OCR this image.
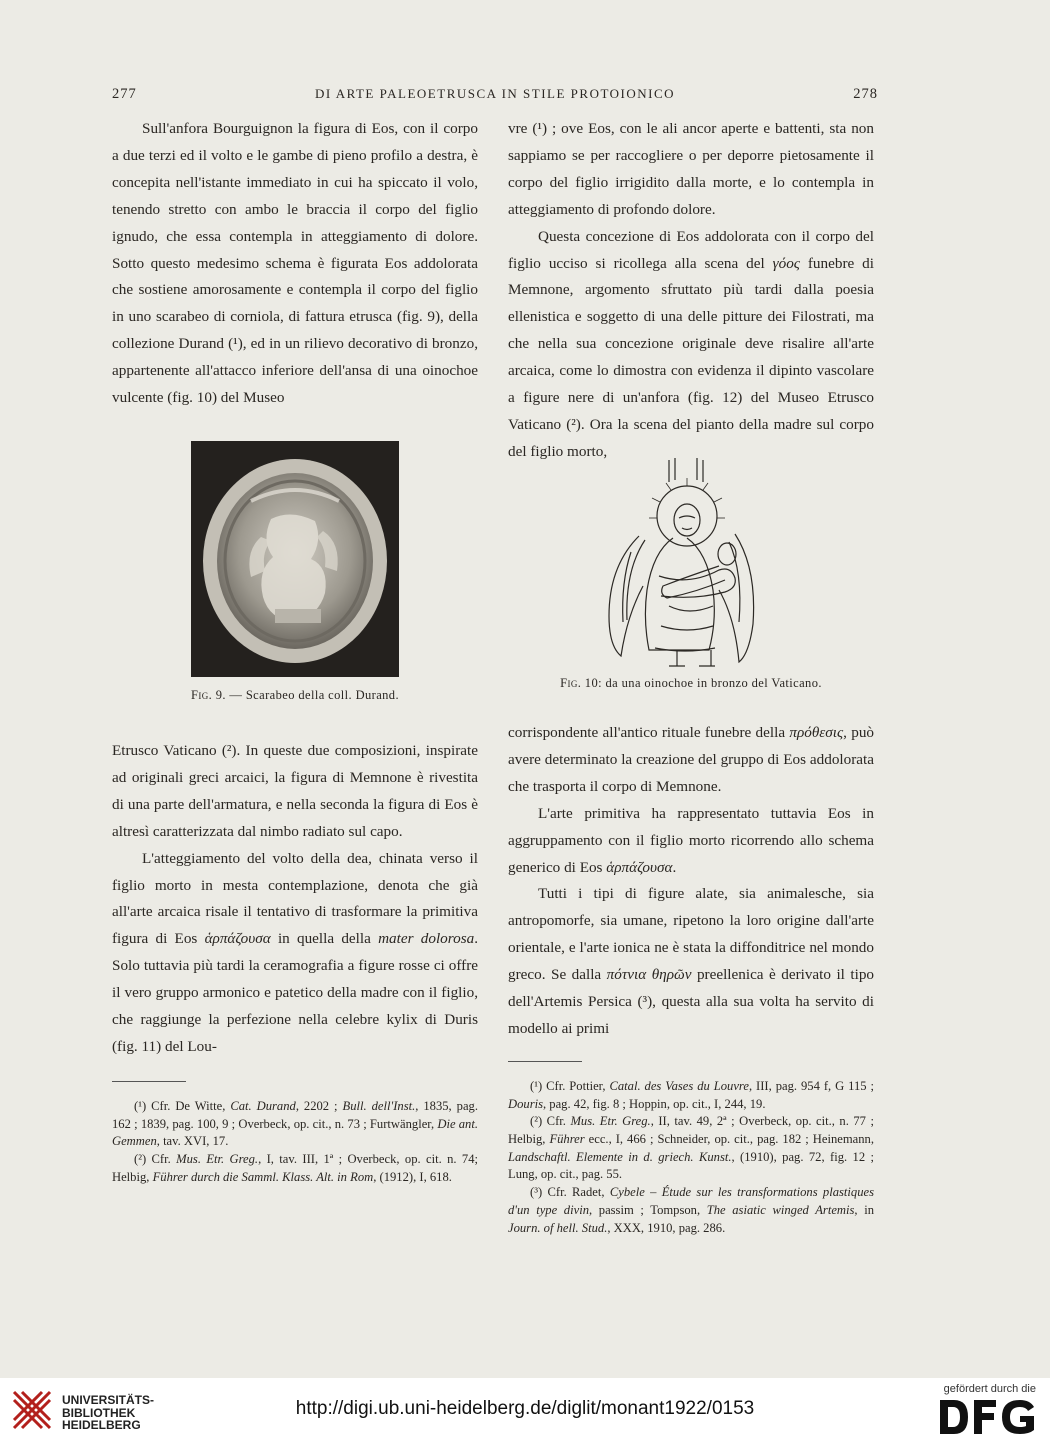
277	DI ARTE PALEOETRUSCA IN STILE PROTOIONICO	278

Sull'anfora Bourguignon la figura di Eos, con il corpo a due terzi ed il volto e le gambe di pieno profilo a destra, è concepita nell'istante immediato in cui ha spiccato il volo, tenendo stretto con ambo le braccia il corpo del figlio ignudo, che essa contempla in atteggiamento di dolore. Sotto questo medesimo schema è figurata Eos addolorata che sostiene amorosamente e contempla il corpo del figlio in uno scarabeo di corniola, di fattura etrusca (fig. 9), della collezione Durand (¹), ed in un rilievo decorativo di bronzo, appartenente all'attacco inferiore dell'ansa di una oinochoe vulcente (fig. 10) del Museo

Fig. 9. — Scarabeo della coll. Durand.

Etrusco Vaticano (²). In queste due composizioni, inspirate ad originali greci arcaici, la figura di Memnone è rivestita di una parte dell'armatura, e nella seconda la figura di Eos è altresì caratterizzata dal nimbo radiato sul capo.

L'atteggiamento del volto della dea, chinata verso il figlio morto in mesta contemplazione, denota che già all'arte arcaica risale il tentativo di trasformare la primitiva figura di Eos ἁρπάζουσα in quella della mater dolorosa. Solo tuttavia più tardi la ceramografia a figure rosse ci offre il vero gruppo armonico e patetico della madre con il figlio, che raggiunge la perfezione nella celebre kylix di Duris (fig. 11) del Lou-

(¹) Cfr. De Witte, Cat. Durand, 2202 ; Bull. dell'Inst., 1835, pag. 162 ; 1839, pag. 100, 9 ; Overbeck, op. cit., n. 73 ; Furtwängler, Die ant. Gemmen, tav. XVI, 17.

(²) Cfr. Mus. Etr. Greg., I, tav. III, 1ª ; Overbeck, op. cit. n. 74; Helbig, Führer durch die Samml. Klass. Alt. in Rom, (1912), I, 618.

vre (¹) ; ove Eos, con le ali ancor aperte e battenti, sta non sappiamo se per raccogliere o per deporre pietosamente il corpo del figlio irrigidito dalla morte, e lo contempla in atteggiamento di profondo dolore.

Questa concezione di Eos addolorata con il corpo del figlio ucciso si ricollega alla scena del γόος funebre di Memnone, argomento sfruttato più tardi dalla poesia ellenistica e soggetto di una delle pitture dei Filostrati, ma che nella sua concezione originale deve risalire all'arte arcaica, come lo dimostra con evidenza il dipinto vascolare a figure nere di un'anfora (fig. 12) del Museo Etrusco Vaticano (²). Ora la scena del pianto della madre sul corpo del figlio morto,

Fig. 10: da una oinochoe in bronzo del Vaticano.

corrispondente all'antico rituale funebre della πρόθεσις, può avere determinato la creazione del gruppo di Eos addolorata che trasporta il corpo di Memnone.

L'arte primitiva ha rappresentato tuttavia Eos in aggruppamento con il figlio morto ricorrendo allo schema generico di Eos ἁρπάζουσα.

Tutti i tipi di figure alate, sia animalesche, sia antropomorfe, sia umane, ripetono la loro origine dall'arte orientale, e l'arte ionica ne è stata la diffonditrice nel mondo greco. Se dalla πότνια θηρῶν preellenica è derivato il tipo dell'Artemis Persica (³), questa alla sua volta ha servito di modello ai primi

(¹) Cfr. Pottier, Catal. des Vases du Louvre, III, pag. 954 f, G 115 ; Douris, pag. 42, fig. 8 ; Hoppin, op. cit., I, 244, 19.

(²) Cfr. Mus. Etr. Greg., II, tav. 49, 2ª ; Overbeck, op. cit., n. 77 ; Helbig, Führer ecc., I, 466 ; Schneider, op. cit., pag. 182 ; Heinemann, Landschaftl. Elemente in d. griech. Kunst., (1910), pag. 72, fig. 12 ; Lung, op. cit., pag. 55.

(³) Cfr. Radet, Cybele – Étude sur les transformations plastiques d'un type divin, passim ; Tompson, The asiatic winged Artemis, in Journ. of hell. Stud., XXX, 1910, pag. 286.

UNIVERSITÄTS-
BIBLIOTHEK
HEIDELBERG
http://digi.ub.uni-heidelberg.de/diglit/monant1922/0153
gefördert durch die
